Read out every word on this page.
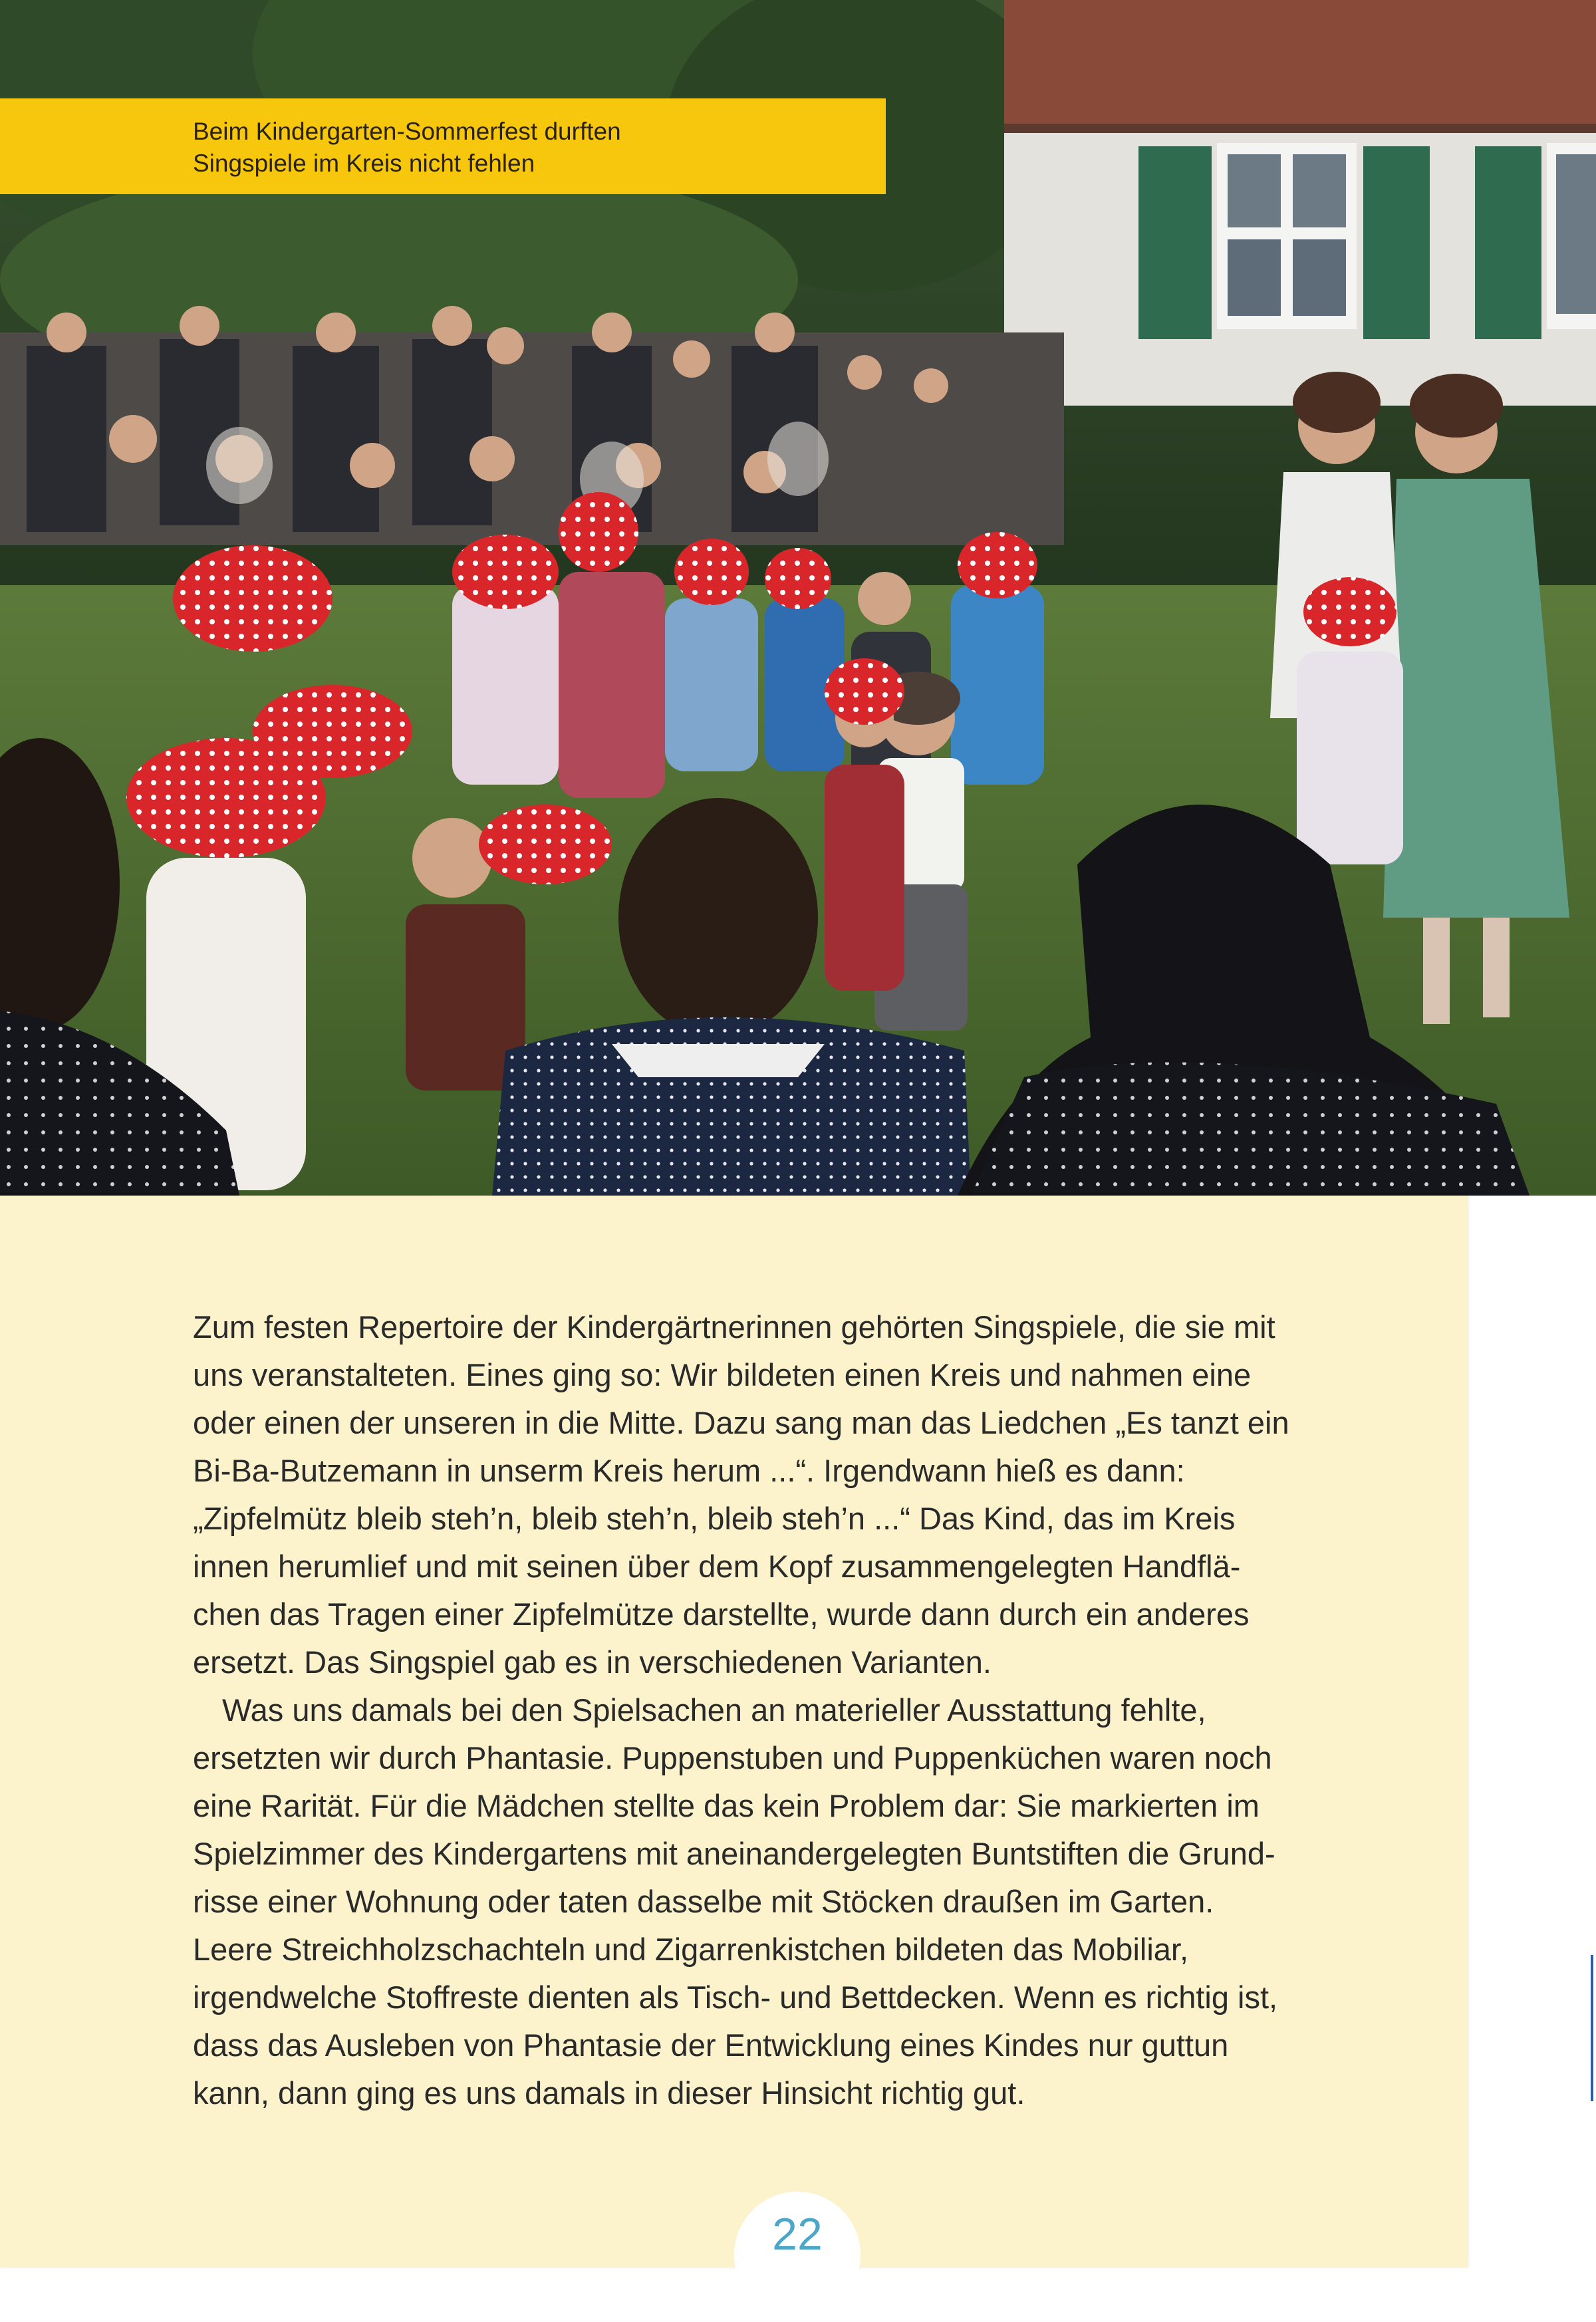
Beim Kindergarten-Sommerfest durften
Singspiele im Kreis nicht fehlen

Zum festen Repertoire der Kindergärtnerinnen gehörten Singspiele, die sie mit
uns veranstalteten. Eines ging so: Wir bildeten einen Kreis und nahmen eine
oder einen der unseren in die Mitte. Dazu sang man das Liedchen „Es tanzt ein
Bi-Ba-Butzemann in unserm Kreis herum ...“. Irgendwann hieß es dann:
„Zipfelmütz bleib steh’n, bleib steh’n, bleib steh’n ...“ Das Kind, das im Kreis
innen herumlief und mit seinen über dem Kopf zusammengelegten Handflä-
chen das Tragen einer Zipfelmütze darstellte, wurde dann durch ein anderes
ersetzt. Das Singspiel gab es in verschiedenen Varianten.
Was uns damals bei den Spielsachen an materieller Ausstattung fehlte,
ersetzten wir durch Phantasie. Puppenstuben und Puppenküchen waren noch
eine Rarität. Für die Mädchen stellte das kein Problem dar: Sie markierten im
Spielzimmer des Kindergartens mit aneinandergelegten Buntstiften die Grund-
risse einer Wohnung oder taten dasselbe mit Stöcken draußen im Garten.
Leere Streichholzschachteln und Zigarrenkistchen bildeten das Mobiliar,
irgendwelche Stoffreste dienten als Tisch- und Bettdecken. Wenn es richtig ist,
dass das Ausleben von Phantasie der Entwicklung eines Kindes nur guttun
kann, dann ging es uns damals in dieser Hinsicht richtig gut.

22
